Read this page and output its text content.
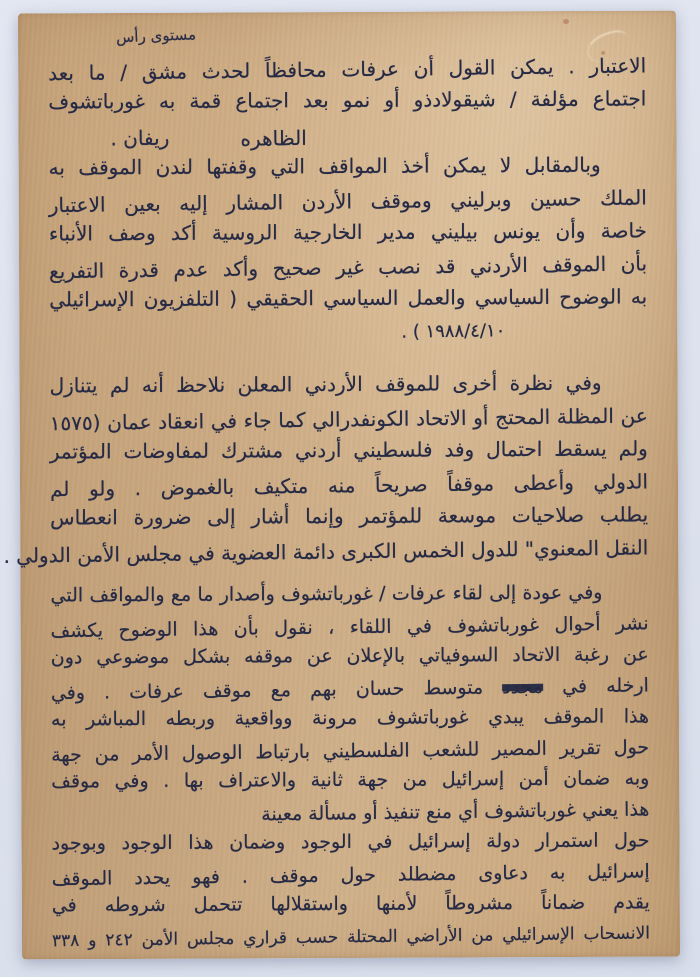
مستوى رأس
الاعتبار . يمكن القول أن عرفات محافظاً لحدث مشق / ما بعد
اجتماع مؤلفة / شيقولادذو أو نمو بعد اجتماع قمة به غورباتشوف
ريفان .	الظاهره
وبالمقابل لا يمكن أخذ المواقف التي وقفتها لندن الموقف به
الملك حسين وبرليني وموقف الأردن المشار إليه بعين الاعتبار
خاصة وأن يونس بيليني مدير الخارجية الروسية أكد وصف الأنباء
بأن الموقف الأردني قد نصب غير صحيح وأكد عدم قدرة التفريع
به الوضوح السياسي والعمل السياسي الحقيقي ( التلفزيون الإسرائيلي
١٩٨٨/٤/١٠ ) .
وفي نظرة أخرى للموقف الأردني المعلن نلاحظ أنه لم يتنازل
عن المظلة المحتج أو الاتحاد الكونفدرالي كما جاء في انعقاد عمان (١٥٧٥
ولم يسقط احتمال وفد فلسطيني أردني مشترك لمفاوضات المؤتمر
الدولي وأعطى موقفاً صريحاً منه متكيف بالغموض . ولو لم
يطلب صلاحيات موسعة للمؤتمر وإنما أشار إلى ضرورة انعطاس
النقل المعنوي" للدول الخمس الكبرى دائمة العضوية في مجلس الأمن الدولي .
وفي عودة إلى لقاء عرفات / غورباتشوف وأصدار ما مع والمواقف التي
نشر أحوال غورباتشوف في اللقاء ، نقول بأن هذا الوضوح يكشف
عن رغبة الاتحاد السوفياتي بالإعلان عن موقفه بشكل موضوعي دون
ارخله في مجدد متوسط حسان بهم مع موقف عرفات . وفي
هذا الموقف يبدي غورباتشوف مرونة وواقعية وربطه المباشر به
حول تقرير المصير للشعب الفلسطيني بارتباط الوصول الأمر من جهة
وبه ضمان أمن إسرائيل من جهة ثانية والاعتراف بها . وفي موقف
هذا يعني غورباتشوف أي منع تنفيذ أو مسألة معينة
حول استمرار دولة إسرائيل في الوجود وضمان هذا الوجود وبوجود
إسرائيل به دعاوى مضطلد حول موقف . فهو يحدد الموقف
يقدم ضماناً مشروطاً لأمنها واستقلالها تتحمل شروطه في
الانسحاب الإسرائيلي من الأراضي المحتلة حسب قراري مجلس الأمن ٢٤٢ و ٣٣٨
